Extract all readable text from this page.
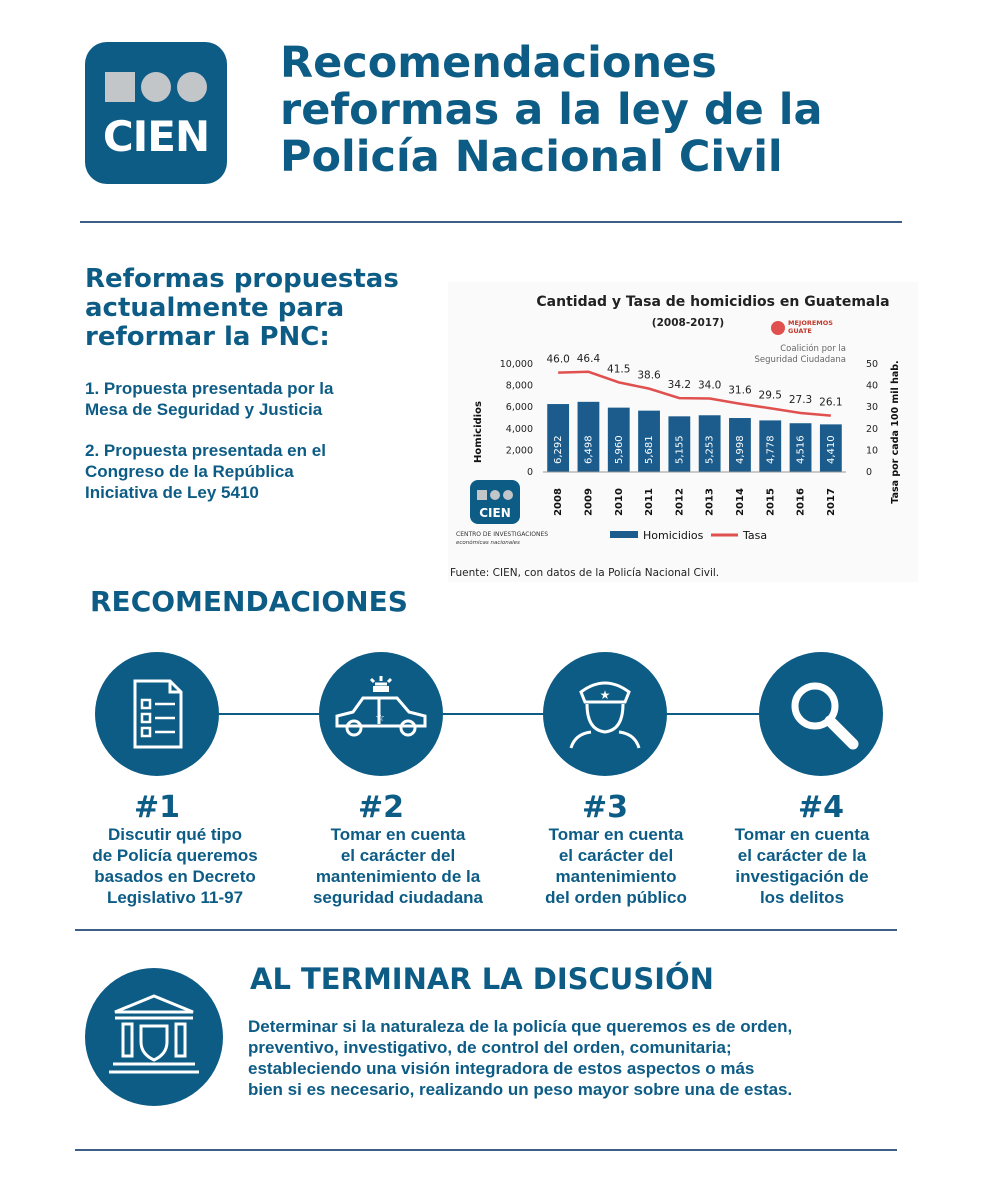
CIEN
Recomendaciones
reformas a la ley de la
Policía Nacional Civil
Reformas propuestas
actualmente para
reformar la PNC:
1. Propuesta presentada por la
Mesa de Seguridad y Justicia
2. Propuesta presentada en el
Congreso de la República
Iniciativa de Ley 5410
Cantidad y Tasa de homicidios en Guatemala
(2008-2017)	MEJOREMOS
GUATE
Coalición por la
Seguridad Ciudadana
Homicidios	Tasa por cada 100 mil hab.
0
2,000
4,000
6,000
8,000
10,000
0
10
20
30
40
50
6,292 6,498 5,960 5,681 5,155 5,253 4,998 4,778 4,516 4,410
46.0 46.4
41.5
38.6
34.2 34.0 31.6 29.5 27.3 26.1
2008 2009 2010 2011 2012 2013 2014 2015 2016 2017
CIEN
CENTRO DE INVESTIGACIONES
económicas nacionales
Homicidios	Tasa
Fuente: CIEN, con datos de la Policía Nacional Civil.
RECOMENDACIONES
☆
★
#1	#2	#3	#4
Discutir qué tipo
de Policía queremos
basados en Decreto
Legislativo 11-97
Tomar en cuenta
el carácter del
mantenimiento de la
seguridad ciudadana
Tomar en cuenta
el carácter del
mantenimiento
del orden público
Tomar en cuenta
el carácter de la
investigación de
los delitos
AL TERMINAR LA DISCUSIÓN
Determinar si la naturaleza de la policía que queremos es de orden,
preventivo, investigativo, de control del orden, comunitaria;
estableciendo una visión integradora de estos aspectos o más
bien si es necesario, realizando un peso mayor sobre una de estas.
